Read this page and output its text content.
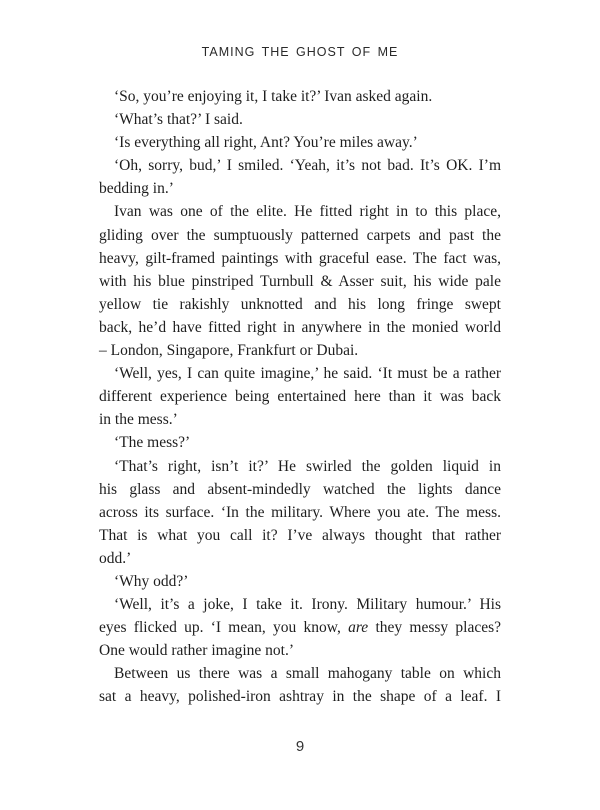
TAMING THE GHOST OF ME
‘So, you’re enjoying it, I take it?’ Ivan asked again.
‘What’s that?’ I said.
‘Is everything all right, Ant? You’re miles away.’
‘Oh, sorry, bud,’ I smiled. ‘Yeah, it’s not bad. It’s OK. I’m
bedding in.’
Ivan was one of the elite. He fitted right in to this place,
gliding over the sumptuously patterned carpets and past the
heavy, gilt-framed paintings with graceful ease. The fact was,
with his blue pinstriped Turnbull & Asser suit, his wide pale
yellow tie rakishly unknotted and his long fringe swept
back, he’d have fitted right in anywhere in the monied world
– London, Singapore, Frankfurt or Dubai.
‘Well, yes, I can quite imagine,’ he said. ‘It must be a rather
different experience being entertained here than it was back
in the mess.’
‘The mess?’
‘That’s right, isn’t it?’ He swirled the golden liquid in
his glass and absent-mindedly watched the lights dance
across its surface. ‘In the military. Where you ate. The mess.
That is what you call it? I’ve always thought that rather
odd.’
‘Why odd?’
‘Well, it’s a joke, I take it. Irony. Military humour.’ His
eyes flicked up. ‘I mean, you know, are they messy places?
One would rather imagine not.’
Between us there was a small mahogany table on which
sat a heavy, polished-iron ashtray in the shape of a leaf. I
9
